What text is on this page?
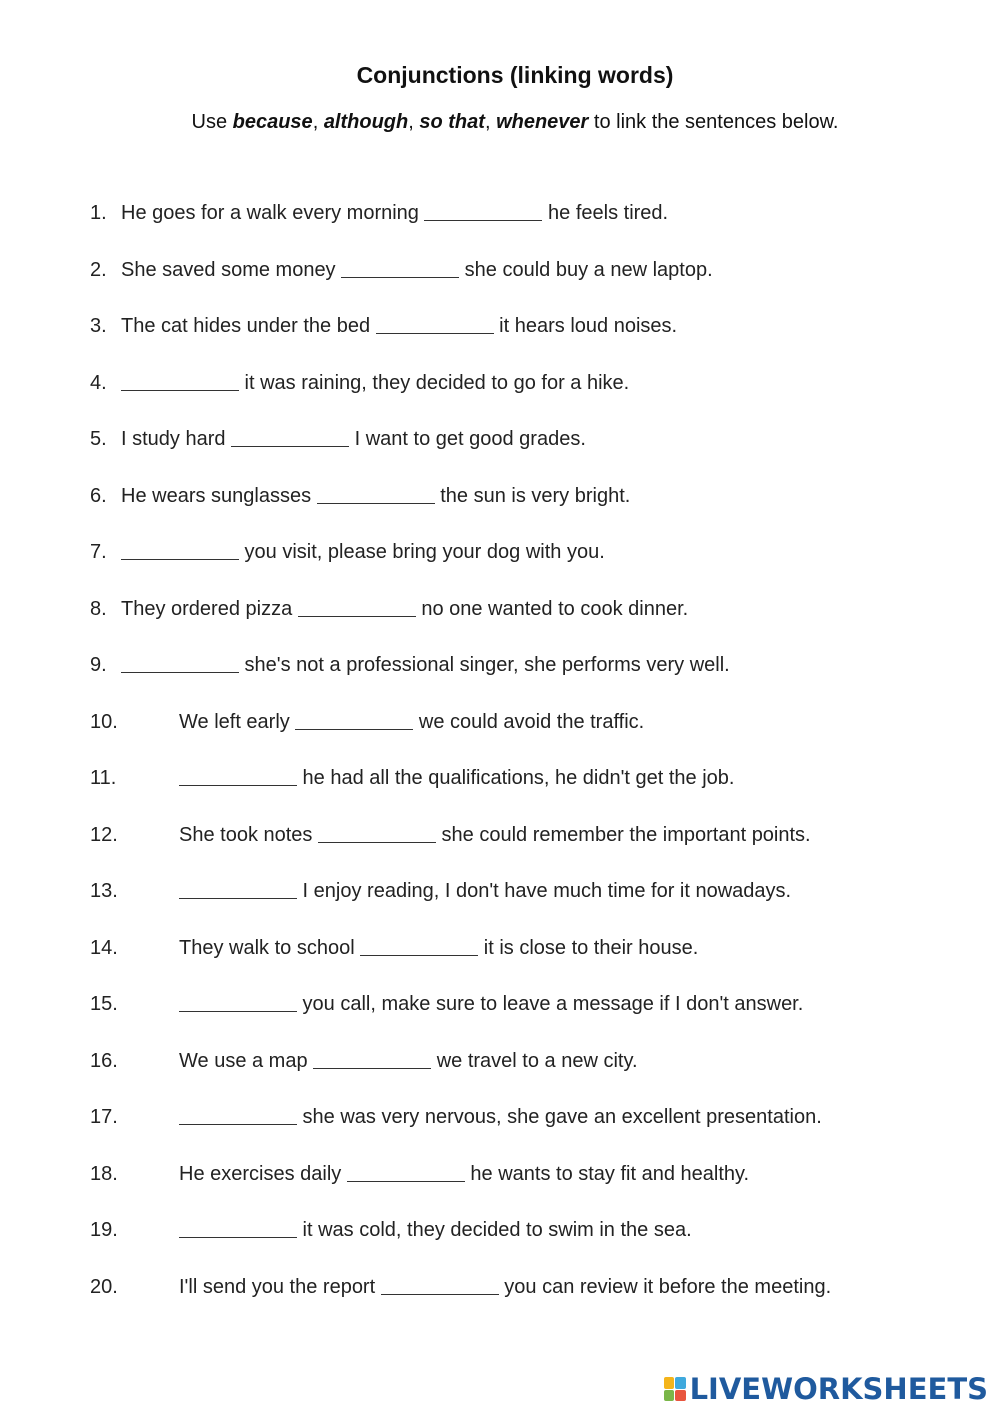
Conjunctions (linking words)
Use because, although, so that, whenever to link the sentences below.
1. He goes for a walk every morning	he feels tired.
2. She saved some money	she could buy a new laptop.
3. The cat hides under the bed	it hears loud noises.
4.	it was raining, they decided to go for a hike.
5. I study hard	I want to get good grades.
6. He wears sunglasses	the sun is very bright.
7.	you visit, please bring your dog with you.
8. They ordered pizza	no one wanted to cook dinner.
9.	she's not a professional singer, she performs very well.
10.	We left early	we could avoid the traffic.
11.	he had all the qualifications, he didn't get the job.
12.	She took notes	she could remember the important points.
13.	I enjoy reading, I don't have much time for it nowadays.
14.	They walk to school	it is close to their house.
15.	you call, make sure to leave a message if I don't answer.
16.	We use a map	we travel to a new city.
17.	she was very nervous, she gave an excellent presentation.
18.	He exercises daily	he wants to stay fit and healthy.
19.	it was cold, they decided to swim in the sea.
20.	I'll send you the report	you can review it before the meeting.
LIVEWORKSHEETS
